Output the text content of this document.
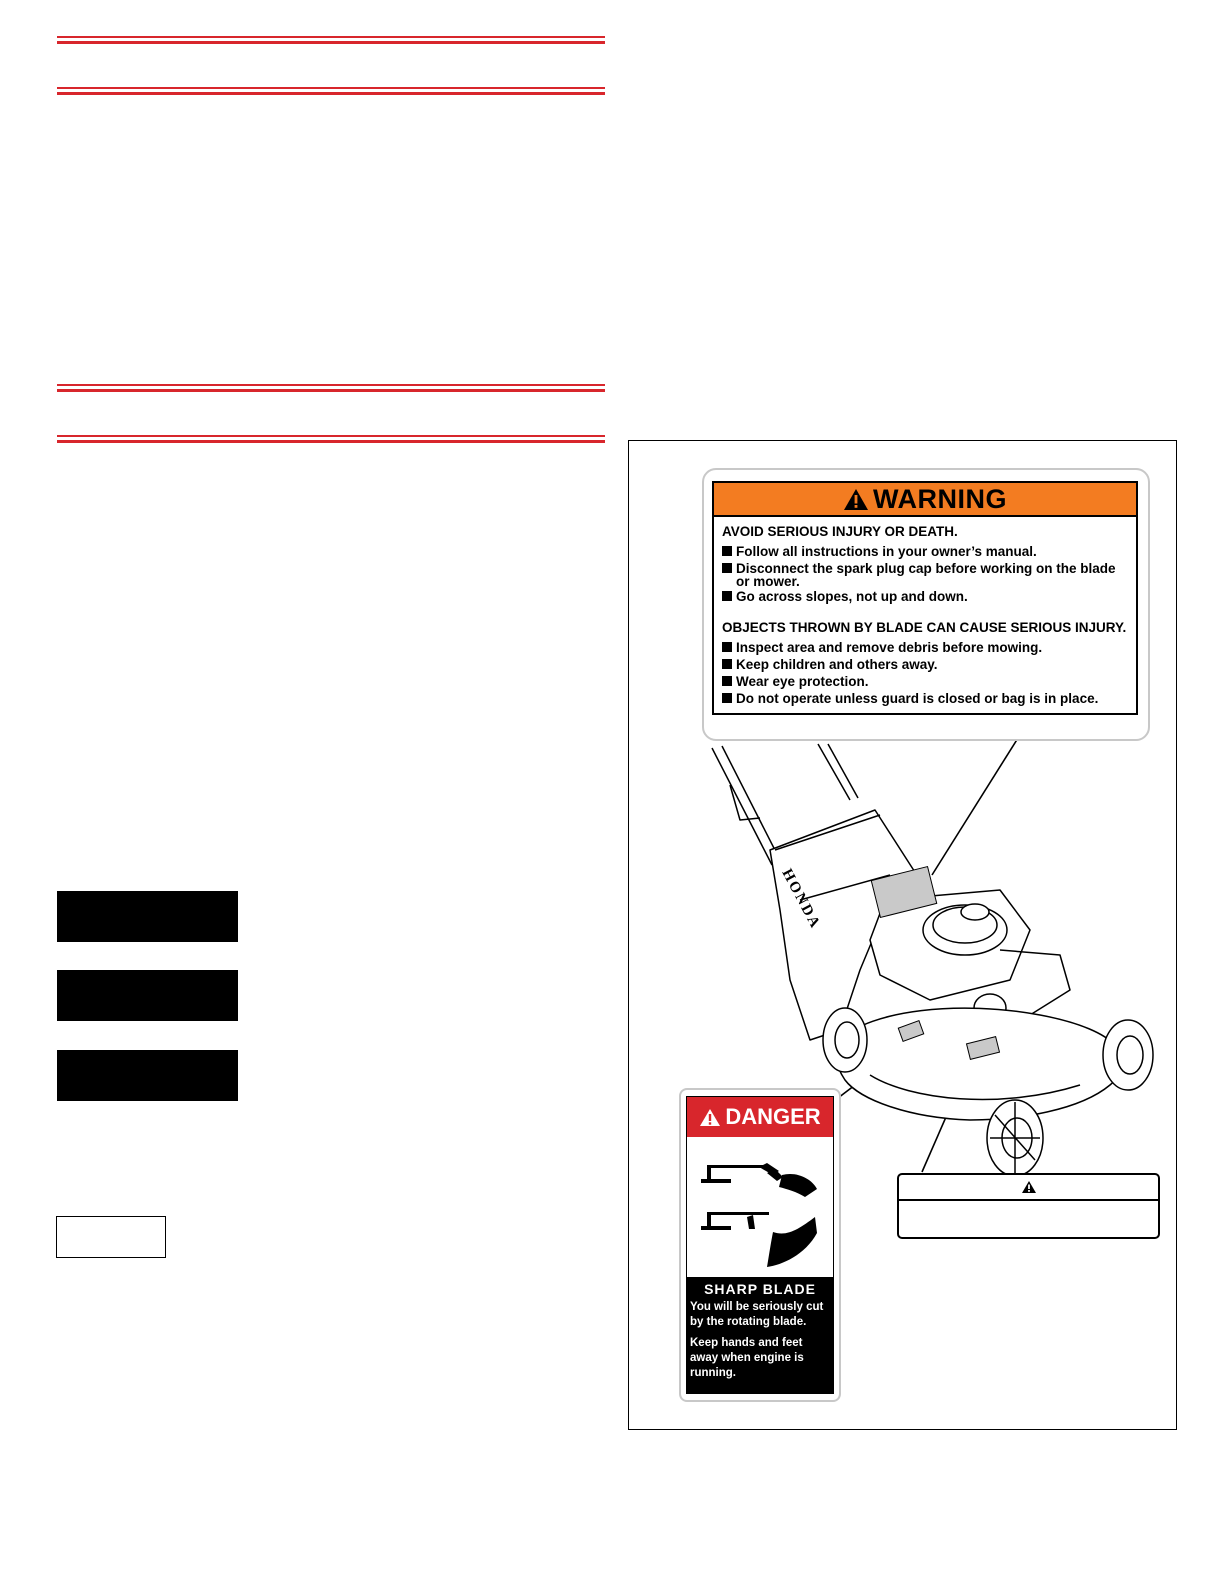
HONDA
WARNING
AVOID SERIOUS INJURY OR DEATH.
Follow all instructions in your owner’s manual.
Disconnect the spark plug cap before working on the blade or mower.
Go across slopes, not up and down.
OBJECTS THROWN BY BLADE CAN CAUSE SERIOUS INJURY.
Inspect area and remove debris before mowing.
Keep children and others away.
Wear eye protection.
Do not operate unless guard is closed or bag is in place.
DANGER
SHARP BLADE
You will be seriously cut by the rotating blade.
Keep hands and feet away when engine is running.
